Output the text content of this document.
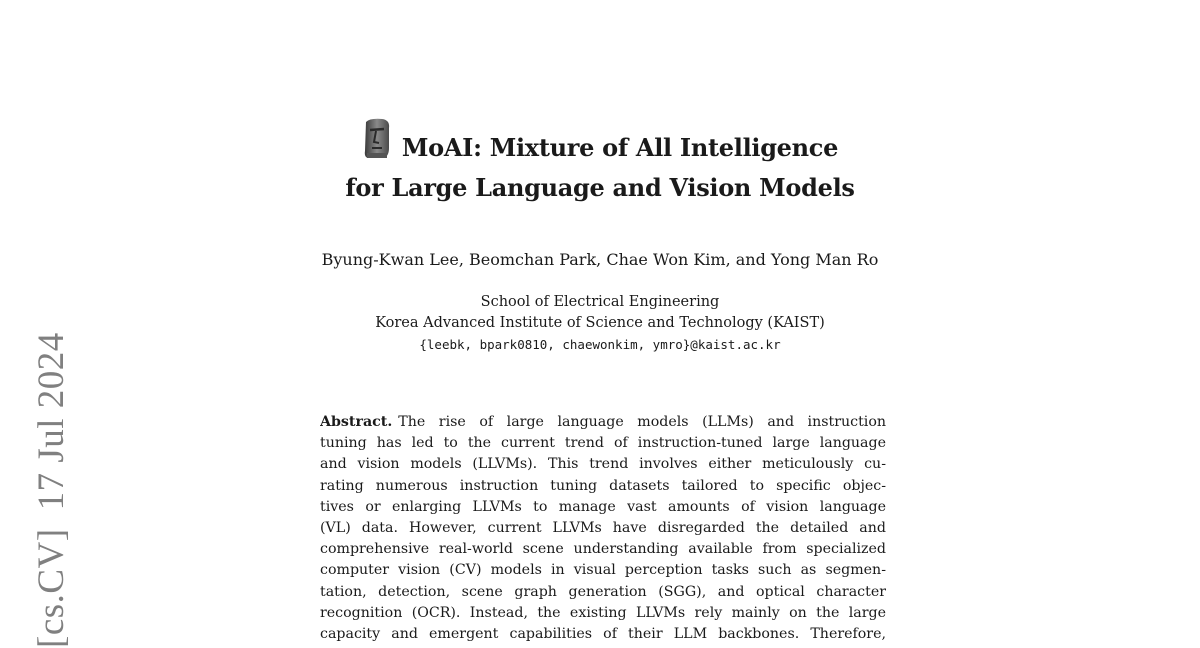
[cs.CV]17 Jul 2024
MoAI: Mixture of All Intelligence
for Large Language and Vision Models
Byung-Kwan Lee, Beomchan Park, Chae Won Kim, and Yong Man Ro
School of Electrical Engineering
Korea Advanced Institute of Science and Technology (KAIST)
{leebk, bpark0810, chaewonkim, ymro}@kaist.ac.kr
Abstract. The rise of large language models (LLMs) and instruction
tuning has led to the current trend of instruction-tuned large language
and vision models (LLVMs). This trend involves either meticulously cu-
rating numerous instruction tuning datasets tailored to specific objec-
tives or enlarging LLVMs to manage vast amounts of vision language
(VL) data. However, current LLVMs have disregarded the detailed and
comprehensive real-world scene understanding available from specialized
computer vision (CV) models in visual perception tasks such as segmen-
tation, detection, scene graph generation (SGG), and optical character
recognition (OCR). Instead, the existing LLVMs rely mainly on the large
capacity and emergent capabilities of their LLM backbones. Therefore,
